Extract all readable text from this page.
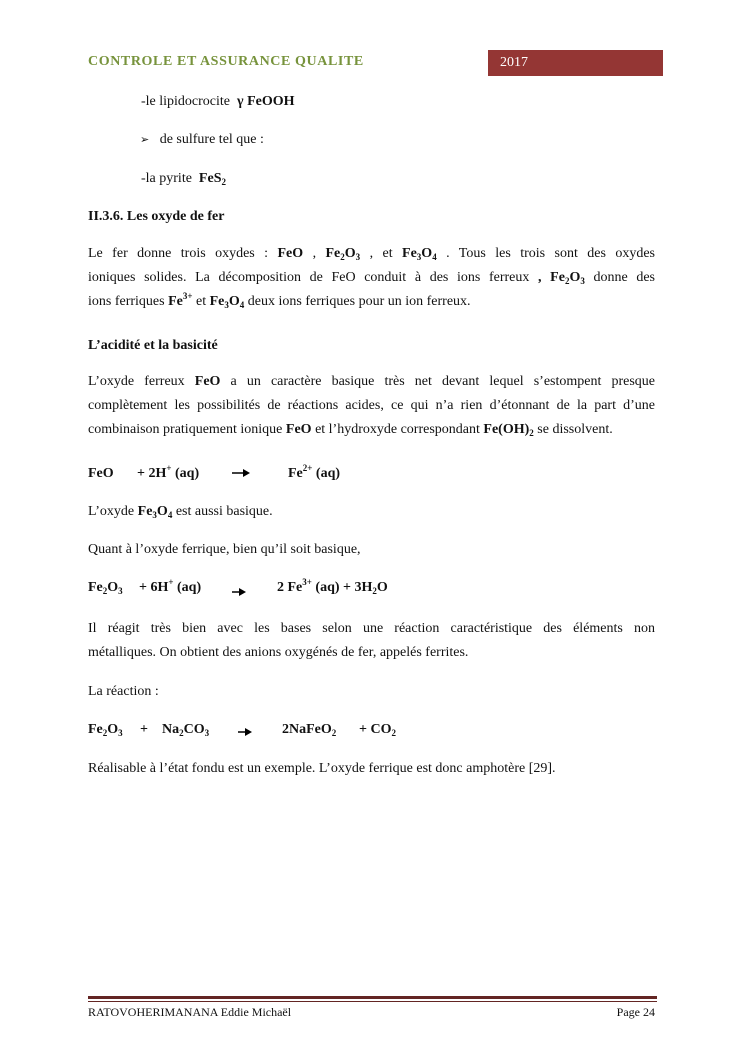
CONTROLE ET ASSURANCE QUALITE	2017
-le lipidocrocite γ FeOOH
➢ de sulfure tel que :
-la pyrite FeS$_2$
II.3.6. Les oxyde de fer
Le fer donne trois oxydes : FeO , $Fe_2O_3$ , et $Fe_3O_4$ . Tous les trois sont des oxydes
ioniques solides. La décomposition de FeO conduit à des ions ferreux , $Fe_2O_3$ donne des
ions ferriques $Fe^{3+}$ et $Fe_3O_4$ deux ions ferriques pour un ion ferreux.
L’acidité et la basicité
L’oxyde ferreux FeO a un caractère basique très net devant lequel s’estompent presque
complètement les possibilités de réactions acides, ce qui n’a rien d’étonnant de la part d’une
combinaison pratiquement ionique FeO et l’hydroxyde correspondant $Fe(OH)_2$ se dissolvent.
FeO + 2H+ (aq)	$Fe^{2+}$ (aq)
L’oxyde $Fe_3O_4$ est aussi basique.
Quant à l’oxyde ferrique, bien qu’il soit basique,
$Fe_2O_3 + 6H^+$ (aq)	2 $Fe^{3+}$ $(aq) + 3H_2O$
Il réagit très bien avec les bases selon une réaction caractéristique des éléments non
métalliques. On obtient des anions oxygénés de fer, appelés ferrites.
La réaction :
$Fe_2O_3 + Na_2CO_3$	2NaFeO$_2$ + $CO_2$
Réalisable à l’état fondu est un exemple. L’oxyde ferrique est donc amphotère [29].
RATOVOHERIMANANA Eddie Michaël	Page 24
